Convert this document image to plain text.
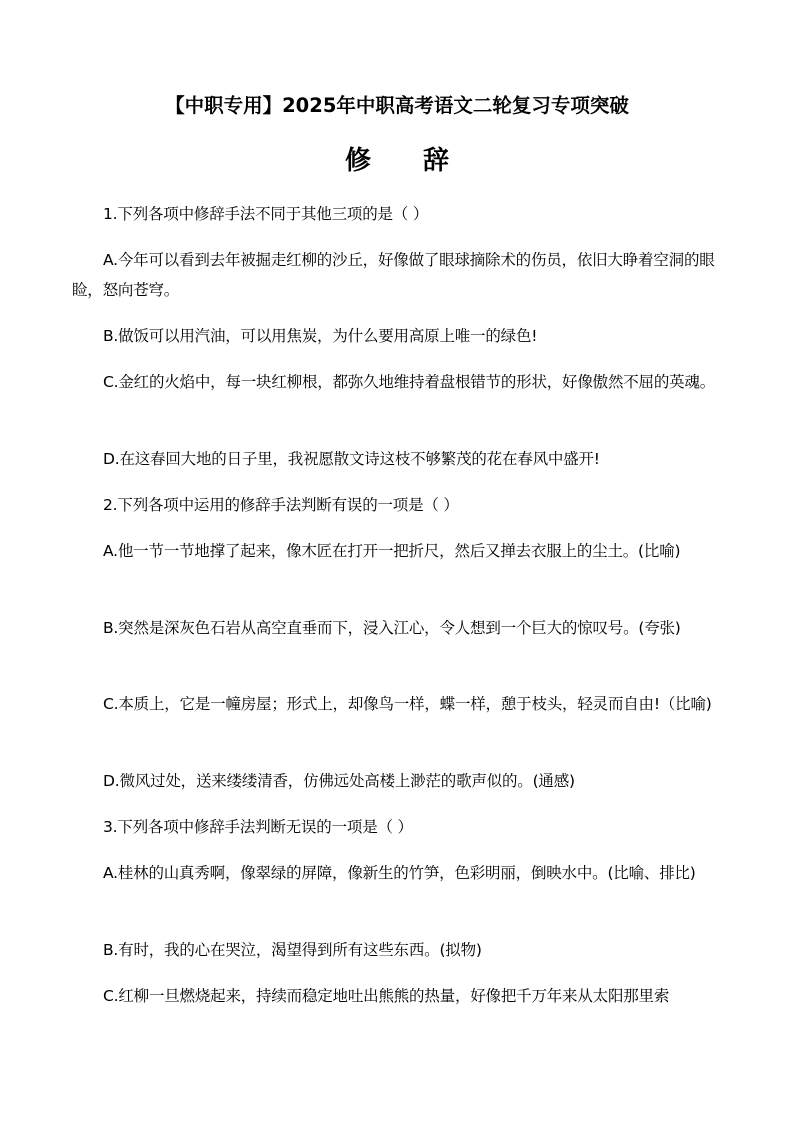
【中职专用】2025年中职高考语文二轮复习专项突破
修 辞

1.下列各项中修辞手法不同于其他三项的是（ ）

A.今年可以看到去年被掘走红柳的沙丘，好像做了眼球摘除术的伤员，依旧大睁着空洞的眼睑，怒向苍穹。

B.做饭可以用汽油，可以用焦炭，为什么要用高原上唯一的绿色!

C.金红的火焰中，每一块红柳根，都弥久地维持着盘根错节的形状，好像傲然不屈的英魂。

D.在这春回大地的日子里，我祝愿散文诗这枝不够繁茂的花在春风中盛开!

2.下列各项中运用的修辞手法判断有误的一项是（ ）

A.他一节一节地撑了起来，像木匠在打开一把折尺，然后又掸去衣服上的尘土。(比喻)

B.突然是深灰色石岩从高空直垂而下，浸入江心，令人想到一个巨大的惊叹号。(夸张)

C.本质上，它是一幢房屋；形式上，却像鸟一样，蝶一样，憩于枝头，轻灵而自由!（比喻)

D.微风过处，送来缕缕清香，仿佛远处高楼上渺茫的歌声似的。(通感)

3.下列各项中修辞手法判断无误的一项是（ ）

A.桂林的山真秀啊，像翠绿的屏障，像新生的竹笋，色彩明丽，倒映水中。(比喻、排比)

B.有时，我的心在哭泣，渴望得到所有这些东西。(拟物)

C.红柳一旦燃烧起来，持续而稳定地吐出熊熊的热量，好像把千万年来从太阳那里索
